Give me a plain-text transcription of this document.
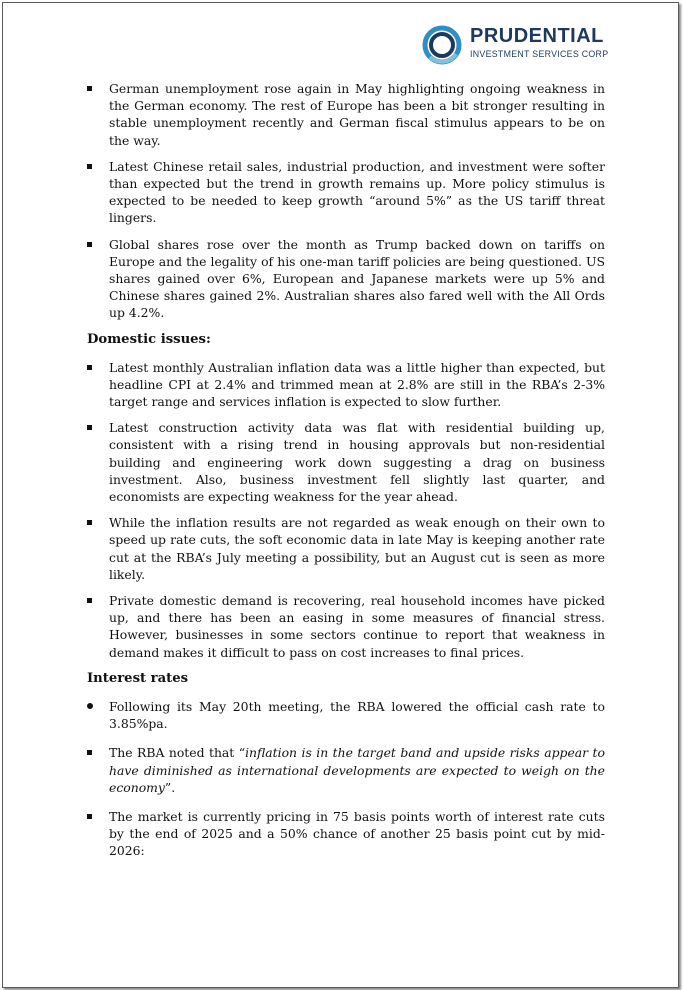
PRUDENTIAL
INVESTMENT SERVICES CORP
German unemployment rose again in May highlighting ongoing weakness in the German economy. The rest of Europe has been a bit stronger resulting in stable unemployment recently and German fiscal stimulus appears to be on the way.
Latest Chinese retail sales, industrial production, and investment were softer than expected but the trend in growth remains up. More policy stimulus is expected to be needed to keep growth “around 5%” as the US tariff threat lingers.
Global shares rose over the month as Trump backed down on tariffs on Europe and the legality of his one-man tariff policies are being questioned. US shares gained over 6%, European and Japanese markets were up 5% and Chinese shares gained 2%. Australian shares also fared well with the All Ords up 4.2%.
Domestic issues:
Latest monthly Australian inflation data was a little higher than expected, but headline CPI at 2.4% and trimmed mean at 2.8% are still in the RBA’s 2-3% target range and services inflation is expected to slow further.
Latest construction activity data was flat with residential building up, consistent with a rising trend in housing approvals but non-residential building and engineering work down suggesting a drag on business investment. Also, business investment fell slightly last quarter, and economists are expecting weakness for the year ahead.
While the inflation results are not regarded as weak enough on their own to speed up rate cuts, the soft economic data in late May is keeping another rate cut at the RBA’s July meeting a possibility, but an August cut is seen as more likely.
Private domestic demand is recovering, real household incomes have picked up, and there has been an easing in some measures of financial stress. However, businesses in some sectors continue to report that weakness in demand makes it difficult to pass on cost increases to final prices.
Interest rates
Following its May 20th meeting, the RBA lowered the official cash rate to 3.85%pa.
The RBA noted that “inflation is in the target band and upside risks appear to have diminished as international developments are expected to weigh on the economy”.
The market is currently pricing in 75 basis points worth of interest rate cuts by the end of 2025 and a 50% chance of another 25 basis point cut by mid-2026:
